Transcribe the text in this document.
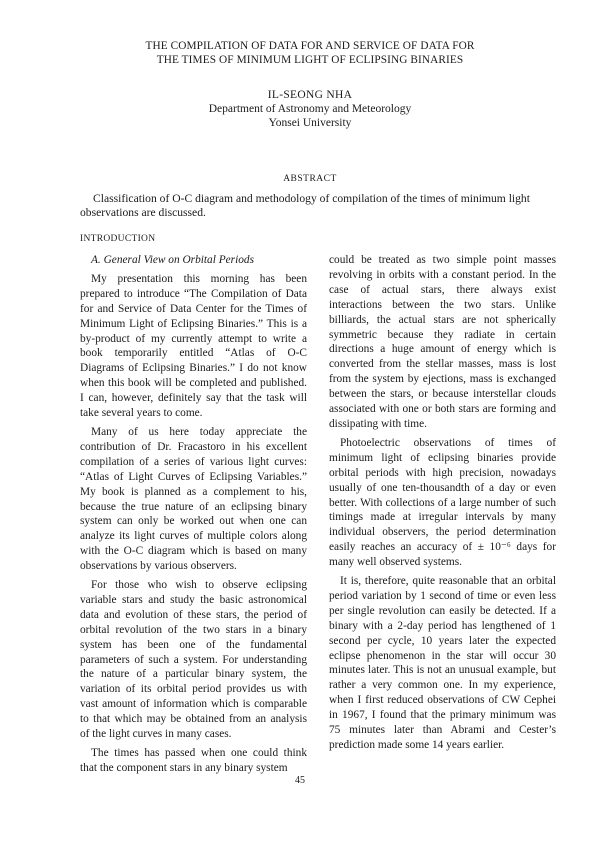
THE COMPILATION OF DATA FOR AND SERVICE OF DATA FOR
THE TIMES OF MINIMUM LIGHT OF ECLIPSING BINARIES
IL-SEONG NHA
Department of Astronomy and Meteorology
Yonsei University
ABSTRACT
Classification of O-C diagram and methodology of compilation of the times of minimum light observations are discussed.
INTRODUCTION

A. General View on Orbital Periods

My presentation this morning has been prepared to introduce “The Compilation of Data for and Service of Data Center for the Times of Minimum Light of Eclipsing Binaries.” This is a by-product of my currently attempt to write a book temporarily entitled “Atlas of O-C Diagrams of Eclipsing Binaries.” I do not know when this book will be completed and published. I can, however, definitely say that the task will take several years to come.

Many of us here today appreciate the contribution of Dr. Fracastoro in his excellent compilation of a series of various light curves: “Atlas of Light Curves of Eclipsing Variables.” My book is planned as a complement to his, because the true nature of an eclipsing binary system can only be worked out when one can analyze its light curves of multiple colors along with the O-C diagram which is based on many observations by various observers.

For those who wish to observe eclipsing variable stars and study the basic astronomical data and evolution of these stars, the period of orbital revolution of the two stars in a binary system has been one of the fundamental parameters of such a system. For understanding the nature of a particular binary system, the variation of its orbital period provides us with vast amount of information which is comparable to that which may be obtained from an analysis of the light curves in many cases.

The times has passed when one could think that the component stars in any binary system

could be treated as two simple point masses revolving in orbits with a constant period. In the case of actual stars, there always exist interactions between the two stars. Unlike billiards, the actual stars are not spherically symmetric because they radiate in certain directions a huge amount of energy which is converted from the stellar masses, mass is lost from the system by ejections, mass is exchanged between the stars, or because interstellar clouds associated with one or both stars are forming and dissipating with time.

Photoelectric observations of times of minimum light of eclipsing binaries provide orbital periods with high precision, nowadays usually of one ten-thousandth of a day or even better. With collections of a large number of such timings made at irregular intervals by many individual observers, the period determination easily reaches an accuracy of ± 10⁻⁶ days for many well observed systems.

It is, therefore, quite reasonable that an orbital period variation by 1 second of time or even less per single revolution can easily be detected. If a binary with a 2-day period has lengthened of 1 second per cycle, 10 years later the expected eclipse phenomenon in the star will occur 30 minutes later. This is not an unusual example, but rather a very common one. In my experience, when I first reduced observations of CW Cephei in 1967, I found that the primary minimum was 75 minutes later than Abrami and Cester’s prediction made some 14 years earlier.

45
